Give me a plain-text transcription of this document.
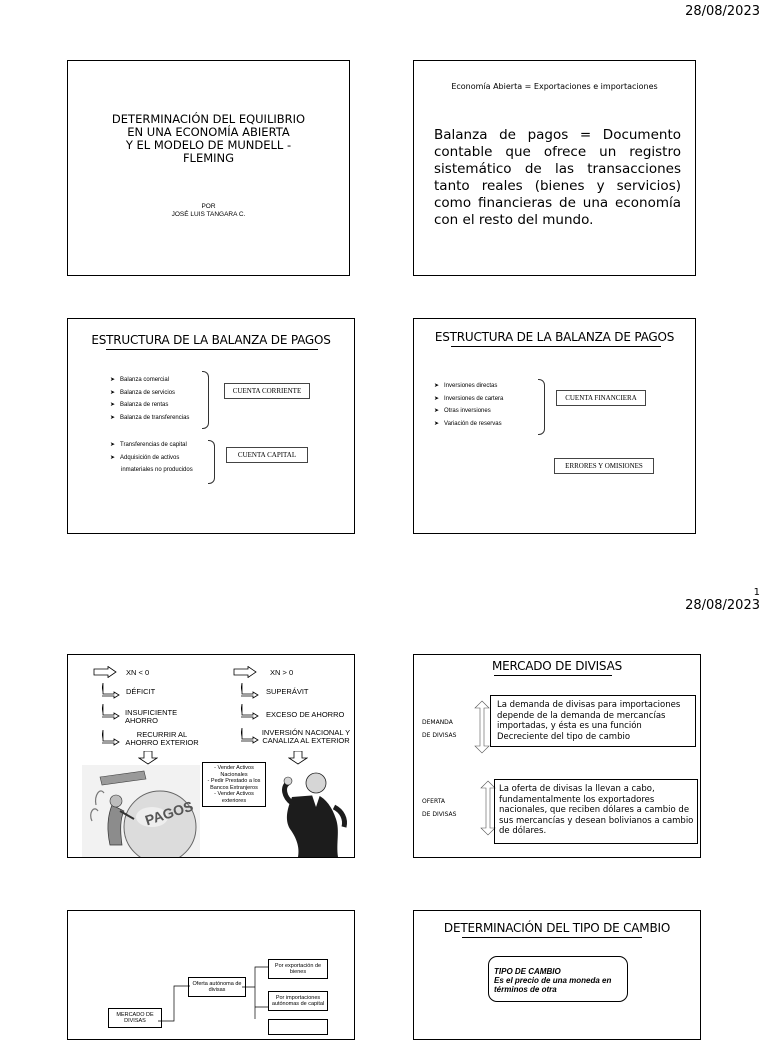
28/08/2023
DETERMINACIÓN DEL EQUILIBRIO
EN UNA ECONOMÍA ABIERTA
Y EL MODELO DE MUNDELL -
FLEMING
POR
JOSÉ LUIS TANGARA C.
Economía Abierta = Exportaciones e importaciones
Balanza de pagos = Documento contable que ofrece un registro sistemático de las transacciones tanto reales (bienes y servicios) como financieras de una economía con el resto del mundo.
ESTRUCTURA DE LA BALANZA DE PAGOS
➤ Balanza comercial
➤ Balanza de servicios
➤ Balanza de rentas
➤ Balanza de transferencias
CUENTA CORRIENTE
➤ Transferencias de capital
➤ Adquisición de activos
inmateriales no producidos
CUENTA CAPITAL
ESTRUCTURA DE LA BALANZA DE PAGOS
➤ Inversiones directas
➤ Inversiones de cartera
➤ Otras inversiones
➤ Variación de reservas
CUENTA FINANCIERA
ERRORES Y OMISIONES
1
28/08/2023
XN < 0
DÉFICIT
INSUFICIENTE AHORRO
RECURRIR AL AHORRO EXTERIOR
XN > 0
SUPERÁVIT
EXCESO DE AHORRO
INVERSIÓN NACIONAL Y CANALIZA AL EXTERIOR
- Vender Activos Nacionales
- Pedir Prestado a los Bancos Extranjeros
- Vender Activos exteriores
PAGOS
MERCADO DE DIVISAS
DEMANDA
DE DIVISAS
La demanda de divisas para importaciones depende de la demanda de mercancías importadas, y ésta es una función Decreciente del tipo de cambio
OFERTA
DE DIVISAS
La oferta de divisas la llevan a cabo, fundamentalmente los exportadores nacionales, que reciben dólares a cambio de sus mercancías y desean bolivianos a cambio de dólares.
MERCADO DE DIVISAS
Oferta autónoma de divisas
Por exportación de bienes
Por importaciones autónomas de capital
DETERMINACIÓN DEL TIPO DE CAMBIO
TIPO DE CAMBIO
Es el precio de una moneda en términos de otra
